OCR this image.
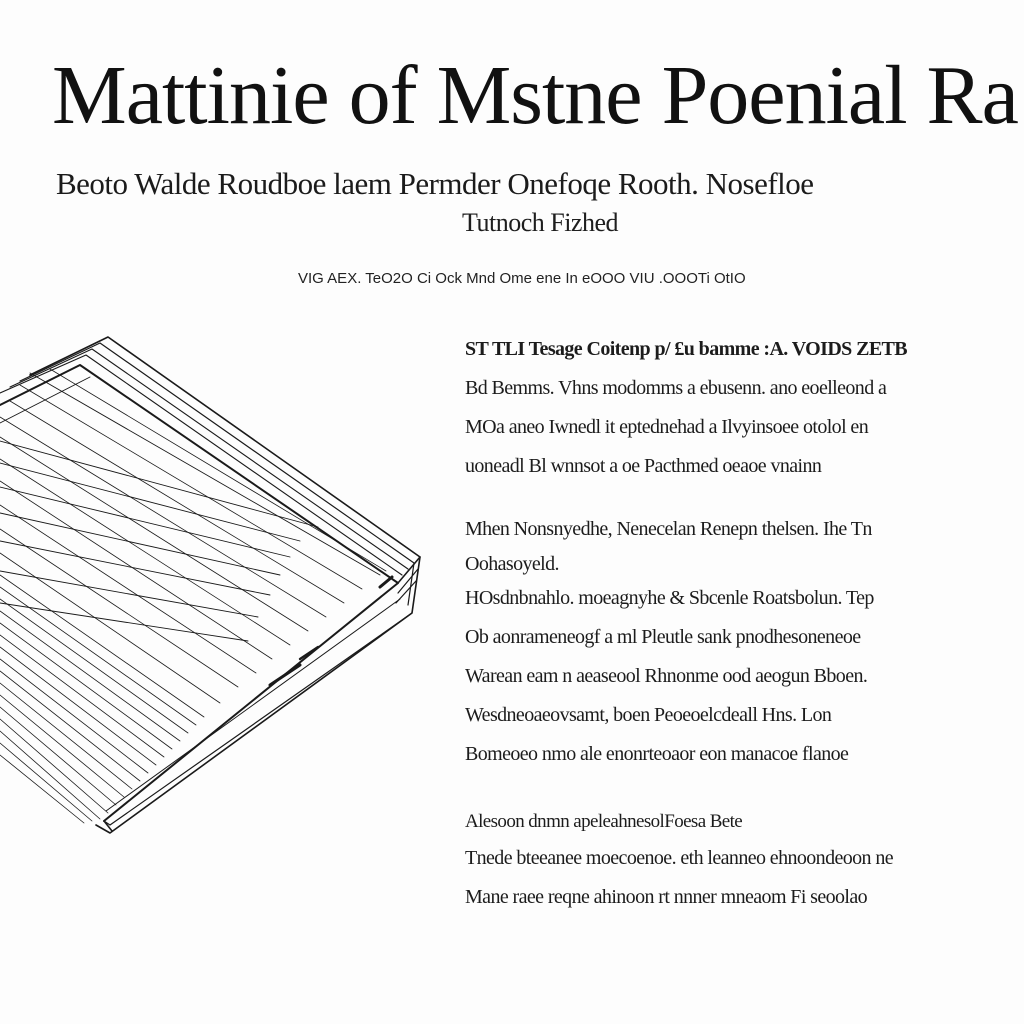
Mattinie of Mstne Poenial Ra
Beoto Walde Roudboe laem Permder Onefoqe Rooth. Nosefloe
Tutnoch Fizhed
VIG AEX. TeO2O Ci Ock Mnd Ome ene In eOOO VIU .OOOTi OtIO
ST TLI Tesage Coitenp p/ £u bamme :A. VOIDS ZETB
Bd Bemms. Vhns modomms a ebusenn. ano eoelleond a
MOa aneo Iwnedl it eptednehad a Ilvyinsoee otolol en
uoneadl Bl wnnsot a oe Pacthmed oeaoe vnainn
Mhen Nonsnyedhe, Nenecelan Renepn thelsen. Ihe Tn
Oohasoyeld.
HOsdnbnahlo. moeagnyhe & Sbcenle Roatsbolun. Tep
Ob aonrameneogf a ml Pleutle sank pnodhesoneneoe
Warean eam n aeaseool Rhnonme ood aeogun Bboen.
Wesdneoaeovsamt, boen Peoeoelcdeall Hns. Lon
Bomeoeo nmo ale enonrteoaor eon manacoe flanoe
Alesoon dnmn apeleahnesolFoesa Bete
Tnede bteeanee moecoenoe. eth leanneo ehnoondeoon ne
Mane raee reqne ahinoon rt nnner mneaom Fi seoolao
